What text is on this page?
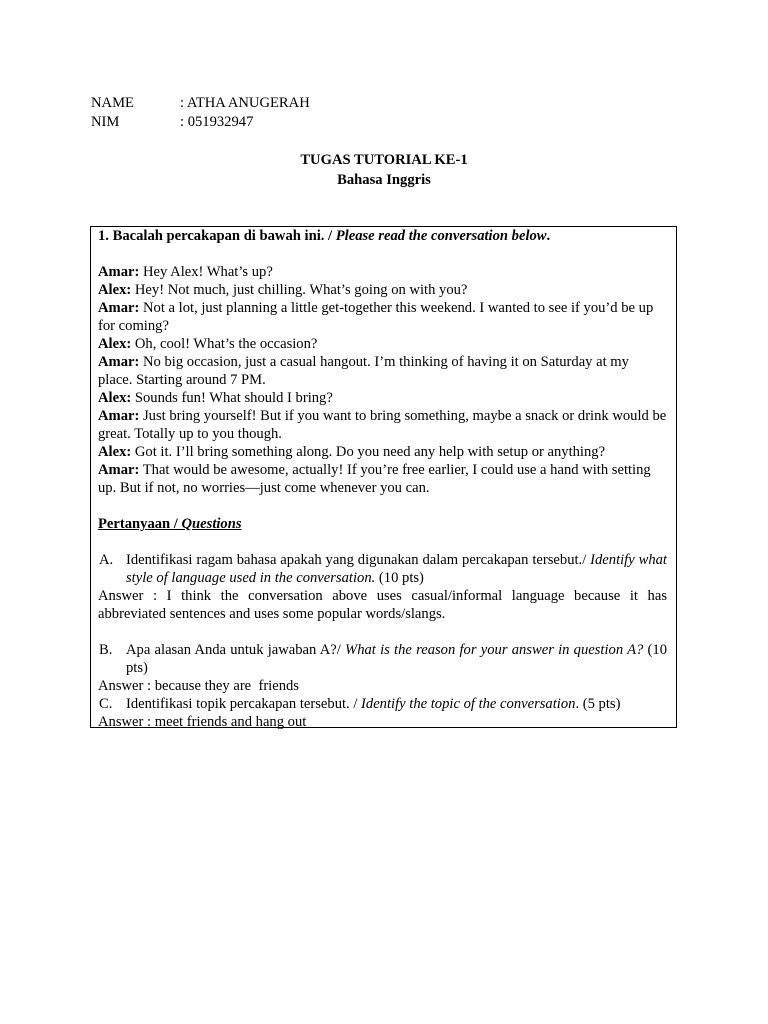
NAME	: ATHA ANUGERAH
NIM	: 051932947
TUGAS TUTORIAL KE-1
Bahasa Inggris

1. Bacalah percakapan di bawah ini. / Please read the conversation below.

Amar: Hey Alex! What’s up?

Alex: Hey! Not much, just chilling. What’s going on with you?

Amar: Not a lot, just planning a little get-together this weekend. I wanted to see if you’d be up for coming?

Alex: Oh, cool! What’s the occasion?

Amar: No big occasion, just a casual hangout. I’m thinking of having it on Saturday at my place. Starting around 7 PM.

Alex: Sounds fun! What should I bring?

Amar: Just bring yourself! But if you want to bring something, maybe a snack or drink would be great. Totally up to you though.

Alex: Got it. I’ll bring something along. Do you need any help with setup or anything?

Amar: That would be awesome, actually! If you’re free earlier, I could use a hand with setting up. But if not, no worries—just come whenever you can.

Pertanyaan / Questions

A. Identifikasi ragam bahasa apakah yang digunakan dalam percakapan tersebut./ Identify what style of language used in the conversation. (10 pts)

Answer : I think the conversation above uses casual/informal language because it has abbreviated sentences and uses some popular words/slangs.

B. Apa alasan Anda untuk jawaban A?/ What is the reason for your answer in question A? (10 pts)

Answer : because they are  friends

C. Identifikasi topik percakapan tersebut. / Identify the topic of the conversation. (5 pts)

Answer : meet friends and hang out
